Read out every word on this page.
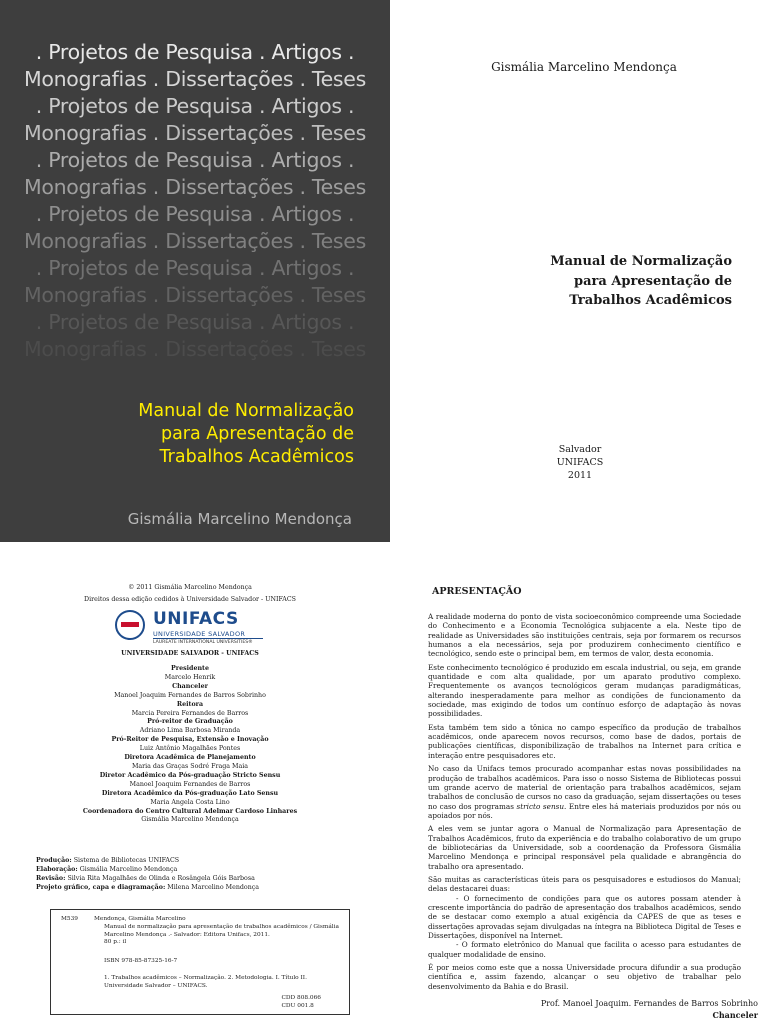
. Projetos de Pesquisa . Artigos .
Monografias . Dissertações . Teses
. Projetos de Pesquisa . Artigos .
Monografias . Dissertações . Teses
. Projetos de Pesquisa . Artigos .
Monografias . Dissertações . Teses
. Projetos de Pesquisa . Artigos .
Monografias . Dissertações . Teses
. Projetos de Pesquisa . Artigos .
Monografias . Dissertações . Teses
. Projetos de Pesquisa . Artigos .
Monografias . Dissertações . Teses
Manual de Normalização
para Apresentação de
Trabalhos Acadêmicos
Gismália Marcelino Mendonça
Gismália Marcelino Mendonça
Manual de Normalização
para Apresentação de
Trabalhos Acadêmicos
Salvador
UNIFACS
2011
© 2011 Gismália Marcelino Mendonça
Direitos dessa edição cedidos à Universidade Salvador - UNIFACS
UNIFACS
UNIVERSIDADE SALVADOR
LAUREATE INTERNATIONAL UNIVERSITIES®
UNIVERSIDADE SALVADOR - UNIFACS
Presidente
Marcelo Henrik
Chanceler
Manoel Joaquim Fernandes de Barros Sobrinho
Reitora
Marcia Pereira Fernandes de Barros
Pró-reitor de Graduação
Adriano Lima Barbosa Miranda
Pró-Reitor de Pesquisa, Extensão e Inovação
Luiz Antônio Magalhães Pontes
Diretora Acadêmica de Planejamento
Maria das Graças Sodré Fraga Maia
Diretor Acadêmico da Pós-graduação Stricto Sensu
Manoel Joaquim Fernandes de Barros
Diretora Acadêmico da Pós-graduação Lato Sensu
Maria Angela Costa Lino
Coordenadora do Centro Cultural Adelmar Cardoso Linhares
Gismália Marcelino Mendonça
Produção: Sistema de Bibliotecas UNIFACS
Elaboração: Gismália Marcelino Mendonça
Revisão: Silvia Rita Magalhães de Olinda e Rosângela Góis Barbosa
Projeto gráfico, capa e diagramação: Milena Marcelino Mendonça
M539	Mendonça, Gismália Marcelino
Manual de normalização para apresentação de trabalhos acadêmicos / Gismália Marcelino Mendonça .- Salvador: Editora Unifacs, 2011.
80 p.: il
ISBN 978-85-87325-16-7
1. Trabalhos acadêmicos – Normalização. 2. Metodologia. I. Título II. Universidade Salvador – UNIFACS.
CDD 808.066
CDU 001.8
APRESENTAÇÃO

A realidade moderna do ponto de vista socioeconômico compreende uma Sociedade do Conhecimento e a Economia Tecnológica subjacente a ela. Neste tipo de realidade as Universidades são instituições centrais, seja por formarem os recursos humanos a ela necessários, seja por produzirem conhecimento científico e tecnológico, sendo este o principal bem, em termos de valor, desta economia.

Este conhecimento tecnológico é produzido em escala industrial, ou seja, em grande quantidade e com alta qualidade, por um aparato produtivo complexo. Frequentemente os avanços tecnológicos geram mudanças paradigmáticas, alterando inesperadamente para melhor as condições de funcionamento da sociedade, mas exigindo de todos um contínuo esforço de adaptação às novas possibilidades.

Esta também tem sido a tônica no campo específico da produção de trabalhos acadêmicos, onde aparecem novos recursos, como base de dados, portais de publicações científicas, disponibilização de trabalhos na Internet para crítica e interação entre pesquisadores etc.

No caso da Unifacs temos procurado acompanhar estas novas possibilidades na produção de trabalhos acadêmicos. Para isso o nosso Sistema de Bibliotecas possui um grande acervo de material de orientação para trabalhos acadêmicos, sejam trabalhos de conclusão de cursos no caso da graduação, sejam dissertações ou teses no caso dos programas stricto sensu. Entre eles há materiais produzidos por nós ou apoiados por nós.

A eles vem se juntar agora o Manual de Normalização para Apresentação de Trabalhos Acadêmicos, fruto da experiência e do trabalho colaborativo de um grupo de bibliotecárias da Universidade, sob a coordenação da Professora Gismália Marcelino Mendonça e principal responsável pela qualidade e abrangência do trabalho ora apresentado.

São muitas as características úteis para os pesquisadores e estudiosos do Manual; delas destacarei duas:

- O fornecimento de condições para que os autores possam atender à crescente importância do padrão de apresentação dos trabalhos acadêmicos, sendo de se destacar como exemplo a atual exigência da CAPES de que as teses e dissertações aprovadas sejam divulgadas na íntegra na Biblioteca Digital de Teses e Dissertações, disponível na Internet.

- O formato eletrônico do Manual que facilita o acesso para estudantes de qualquer modalidade de ensino.

É por meios como este que a nossa Universidade procura difundir a sua produção científica e, assim fazendo, alcançar o seu objetivo de trabalhar pelo desenvolvimento da Bahia e do Brasil.

Prof. Manoel Joaquim. Fernandes de Barros Sobrinho
Chanceler
